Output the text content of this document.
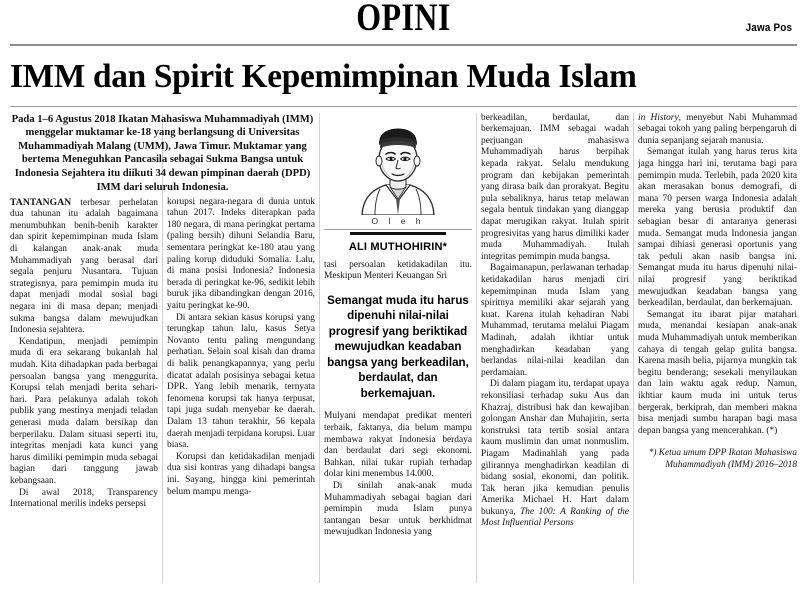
OPINI	Jawa Pos
IMM dan Spirit Kepemimpinan Muda Islam
Pada 1–6 Agustus 2018 Ikatan Mahasiswa Muhammadiyah (IMM) menggelar muktamar ke-18 yang berlangsung di Universitas Muhammadiyah Malang (UMM), Jawa Timur. Muktamar yang bertema Meneguhkan Pancasila sebagai Sukma Bangsa untuk Indonesia Sejahtera itu diikuti 34 dewan pimpinan daerah (DPD) IMM dari seluruh Indonesia.

TANTANGAN terbesar perhelatan dua tahunan itu adalah bagaimana menumbuhkan benih-benih karakter dan spirit kepemimpinan muda Islam di kalangan anak-anak muda Muhammadiyah yang berasal dari segala penjuru Nusantara. Tujuan strategisnya, para pemimpin muda itu dapat menjadi modal sosial bagi negara ini di masa depan; menjadi sukma bangsa dalam mewujudkan Indonesia sejahtera.

Kendatipun, menjadi pemimpin muda di era sekarang bukanlah hal mudah. Kita dihadapkan pada berbagai persoalan bangsa yang menggurita. Korupsi telah menjadi berita sehari-hari. Para pelakunya adalah tokoh publik yang mestinya menjadi teladan generasi muda dalam bersikap dan berperilaku. Dalam situasi seperti itu, integritas menjadi kata kunci yang harus dimiliki pemimpin muda sebagai bagian dari tanggung jawab kebangsaan.

Di awal 2018, Transparency International merilis indeks persepsi

korupsi negara-negara di dunia untuk tahun 2017. Indeks diterapkan pada 180 negara, di mana peringkat pertama (paling bersih) dihuni Selandia Baru, sementara peringkat ke-180 atau yang paling korup diduduki Somalia. Lalu, di mana posisi Indonesia? Indonesia berada di peringkat ke-96, sedikit lebih buruk jika dibandingkan dengan 2016, yaitu peringkat ke-90.

Di antara sekian kasus korupsi yang terungkap tahun lalu, kasus Setya Novanto tentu paling mengundang perhatian. Selain soal kisah dan drama di balik penangkapannya, yang perlu dicatat adalah posisinya sebagai ketua DPR. Yang lebih menarik, ternyata fenomena korupsi tak hanya terpusat, tapi juga sudah menyebar ke daerah. Dalam 13 tahun terakhir, 56 kepala daerah menjadi terpidana korupsi. Luar biasa.

Korupsi dan ketidakadilan menjadi dua sisi kontras yang dihadapi bangsa ini. Sayang, hingga kini pemerintah belum mampu menga-

O l e h
ALI MUTHOHIRIN*

tasi persoalan ketidakadilan itu. Meskipun Menteri Keuangan Sri

Semangat muda itu harus dipenuhi nilai-nilai progresif yang beriktikad mewujudkan keadaban bangsa yang berkeadilan, berdaulat, dan berkemajuan.

Mulyani mendapat predikat menteri terbaik, faktanya, dia belum mampu membawa rakyat Indonesia berdaya dan berdaulat dari segi ekonomi. Bahkan, nilai tukar rupiah terhadap dolar kini menembus 14.000.

Di sinilah anak-anak muda Muhammadiyah sebagai bagian dari pemimpin muda Islam punya tantangan besar untuk berkhidmat mewujudkan Indonesia yang

berkeadilan, berdaulat, dan berkemajuan. IMM sebagai wadah perjuangan mahasiswa Muhammadiyah harus berpihak kepada rakyat. Selalu mendukung program dan kebijakan pemerintah yang dirasa baik dan prorakyat. Begitu pula sebaliknya, harus tetap melawan segala bentuk tindakan yang dianggap dapat merugikan rakyat. Itulah spirit progresivitas yang harus dimiliki kader muda Muhammadiyah. Itulah integritas pemimpin muda bangsa.

Bagaimanapun, perlawanan terhadap ketidakadilan harus menjadi ciri kepemimpinan muda Islam yang spiritnya memiliki akar sejarah yang kuat. Karena itulah kehadiran Nabi Muhammad, terutama melalui Piagam Madinah, adalah ikhtiar untuk menghadirkan keadaban yang berlandas nilai-nilai keadilan dan perdamaian.

Di dalam piagam itu, terdapat upaya rekonsiliasi terhadap suku Aus dan Khazraj, distribusi hak dan kewajiban golongan Anshar dan Muhajirin, serta konstruksi tata tertib sosial antara kaum muslimin dan umat nonmuslim. Piagam Madinahlah yang pada gilirannya menghadirkan keadilan di bidang sosial, ekonomi, dan politik. Tak heran jika kemudian penulis Amerika Michael H. Hart dalam bukunya, The 100: A Ranking of the Most Influential Persons

in History, menyebut Nabi Muhammad sebagai tokoh yang paling berpengaruh di dunia sepanjang sejarah manusia.

Semangat itulah yang harus terus kita jaga hingga hari ini, terutama bagi para pemimpin muda. Terlebih, pada 2020 kita akan merasakan bonus demografi, di mana 70 persen warga Indonesia adalah mereka yang berusia produktif dan sebagian besar di antaranya generasi muda. Semangat muda Indonesia jangan sampai dihiasi generasi oportunis yang tak peduli akan nasib bangsa ini. Semangat muda itu harus dipenuhi nilai-nilai progresif yang beriktikad mewujudkan keadaban bangsa yang berkeadilan, berdaulat, dan berkemajuan.

Semangat itu ibarat pijar matahari muda, menandai kesiapan anak-anak muda Muhammadiyah untuk memberikan cahaya di tengah gelap gulita bangsa. Karena masih belia, pijarnya mungkin tak begitu benderang; sesekali menyilaukan dan lain waktu agak redup. Namun, ikhtiar kaum muda ini untuk terus bergerak, berkiprah, dan memberi makna bisa menjadi sumbu harapan bagi masa depan bangsa yang mencerahkan. (*)

*) Ketua umum DPP Ikatan Mahasiswa Muhammadiyah (IMM) 2016–2018
